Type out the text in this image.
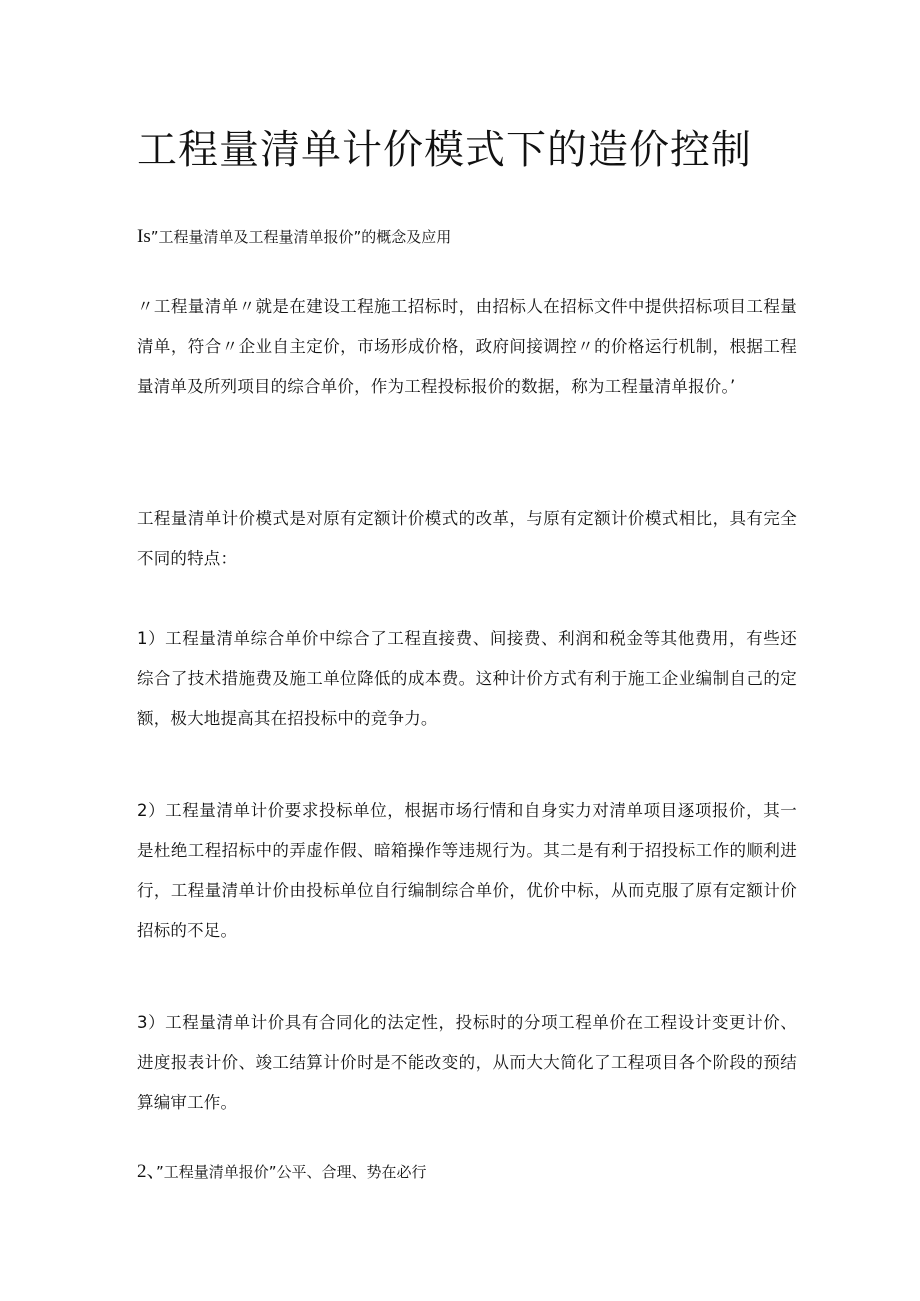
工程量清单计价模式下的造价控制

Is”工程量清单及工程量清单报价”的概念及应用

〃工程量清单〃就是在建设工程施工招标时，由招标人在招标文件中提供招标项目工程量清单，符合〃企业自主定价，市场形成价格，政府间接调控〃的价格运行机制，根据工程量清单及所列项目的综合单价，作为工程投标报价的数据，称为工程量清单报价。’

工程量清单计价模式是对原有定额计价模式的改革，与原有定额计价模式相比，具有完全不同的特点：

1）工程量清单综合单价中综合了工程直接费、间接费、利润和税金等其他费用，有些还综合了技术措施费及施工单位降低的成本费。这种计价方式有利于施工企业编制自己的定额，极大地提高其在招投标中的竞争力。

2）工程量清单计价要求投标单位，根据市场行情和自身实力对清单项目逐项报价，其一是杜绝工程招标中的弄虚作假、暗箱操作等违规行为。其二是有利于招投标工作的顺利进行，工程量清单计价由投标单位自行编制综合单价，优价中标，从而克服了原有定额计价招标的不足。

3）工程量清单计价具有合同化的法定性，投标时的分项工程单价在工程设计变更计价、进度报表计价、竣工结算计价时是不能改变的，从而大大简化了工程项目各个阶段的预结算编审工作。

2、”工程量清单报价”公平、合理、势在必行
